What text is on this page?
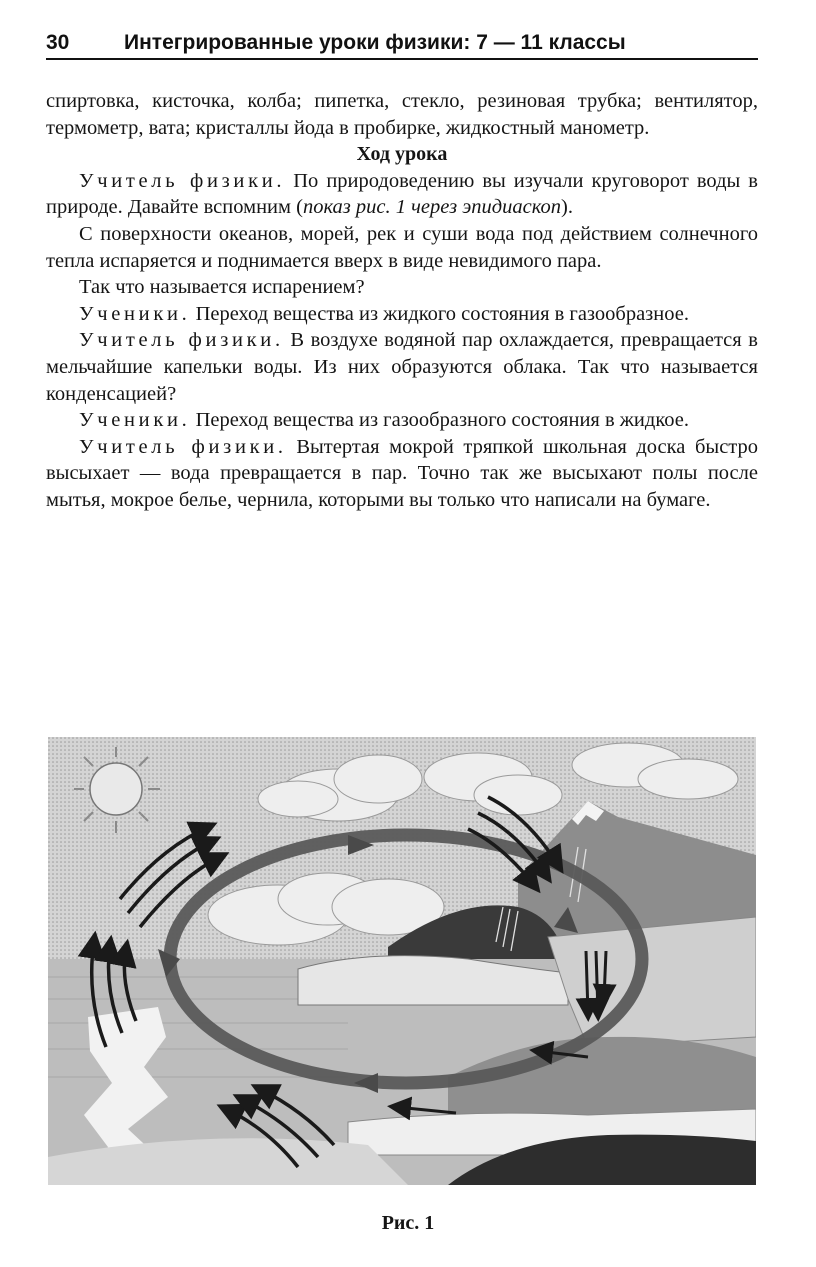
30	Интегрированные уроки физики: 7 — 11 классы

спиртовка, кисточка, колба; пипетка, стекло, резиновая трубка; вентилятор, термометр, вата; кристаллы йода в пробирке, жидкостный манометр.

Ход урока

Учитель физики. По природоведению вы изучали круговорот воды в природе. Давайте вспомним (показ рис. 1 через эпидиаскоп).

С поверхности океанов, морей, рек и суши вода под действием солнечного тепла испаряется и поднимается вверх в виде невидимого пара.

Так что называется испарением?

Ученики. Переход вещества из жидкого состояния в газообразное.

Учитель физики. В воздухе водяной пар охлаждается, превращается в мельчайшие капельки воды. Из них образуются облака. Так что называется конденсацией?

Ученики. Переход вещества из газообразного состояния в жидкое.

Учитель физики. Вытертая мокрой тряпкой школьная доска быстро высыхает — вода превращается в пар. Точно так же высыхают полы после мытья, мокрое белье, чернила, которыми вы только что написали на бумаге.

Рис. 1
